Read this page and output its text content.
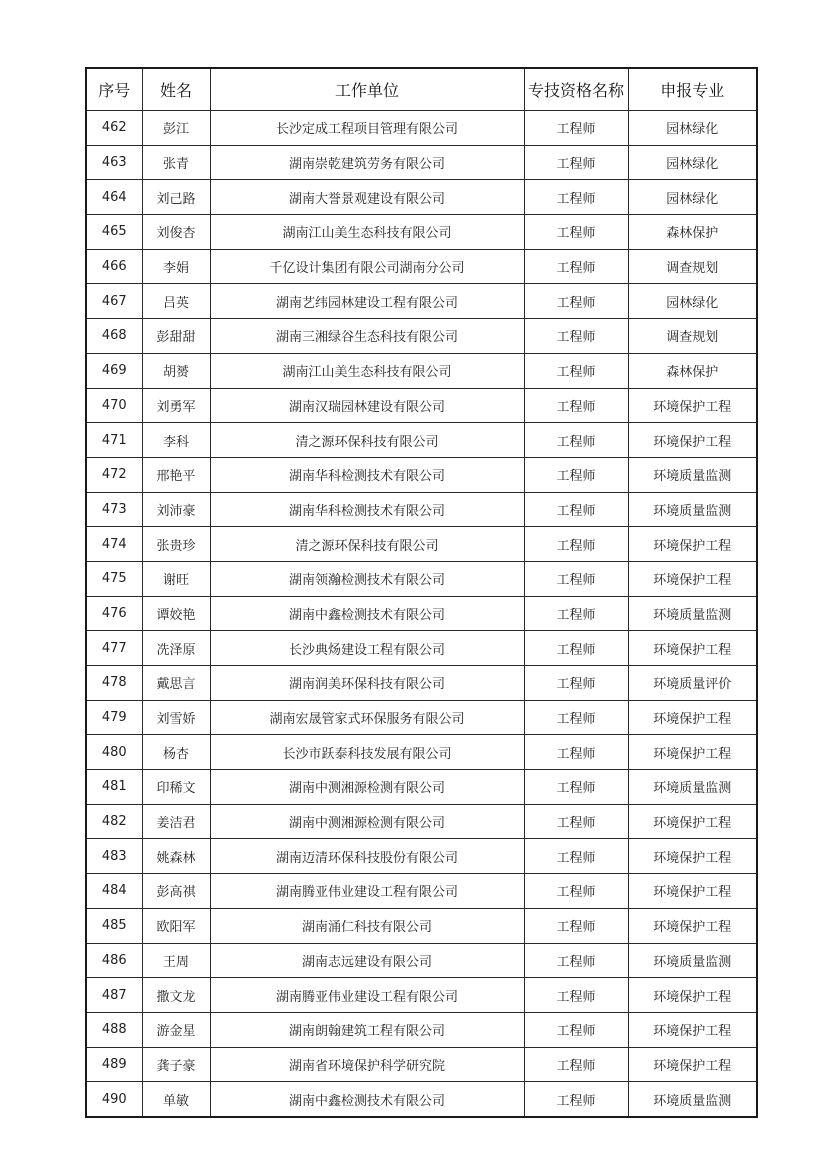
序号	姓名	工作单位	专技资格名称	申报专业
462	彭江	长沙定成工程项目管理有限公司	工程师	园林绿化
463	张青	湖南崇乾建筑劳务有限公司	工程师	园林绿化
464	刘己路	湖南大誉景观建设有限公司	工程师	园林绿化
465	刘俊杏	湖南江山美生态科技有限公司	工程师	森林保护
466	李娟	千亿设计集团有限公司湖南分公司	工程师	调查规划
467	吕英	湖南艺纬园林建设工程有限公司	工程师	园林绿化
468	彭甜甜	湖南三湘绿谷生态科技有限公司	工程师	调查规划
469	胡赟	湖南江山美生态科技有限公司	工程师	森林保护
470	刘勇军	湖南汉瑞园林建设有限公司	工程师	环境保护工程
471	李科	清之源环保科技有限公司	工程师	环境保护工程
472	邢艳平	湖南华科检测技术有限公司	工程师	环境质量监测
473	刘沛豪	湖南华科检测技术有限公司	工程师	环境质量监测
474	张贵珍	清之源环保科技有限公司	工程师	环境保护工程
475	谢旺	湖南领瀚检测技术有限公司	工程师	环境保护工程
476	谭姣艳	湖南中鑫检测技术有限公司	工程师	环境质量监测
477	冼泽原	长沙典炀建设工程有限公司	工程师	环境保护工程
478	戴思言	湖南润美环保科技有限公司	工程师	环境质量评价
479	刘雪娇	湖南宏晟管家式环保服务有限公司	工程师	环境保护工程
480	杨杏	长沙市跃泰科技发展有限公司	工程师	环境保护工程
481	印稀文	湖南中测湘源检测有限公司	工程师	环境质量监测
482	姜洁君	湖南中测湘源检测有限公司	工程师	环境保护工程
483	姚森林	湖南迈清环保科技股份有限公司	工程师	环境保护工程
484	彭高祺	湖南腾亚伟业建设工程有限公司	工程师	环境保护工程
485	欧阳军	湖南涌仁科技有限公司	工程师	环境保护工程
486	王周	湖南志远建设有限公司	工程师	环境质量监测
487	撒文龙	湖南腾亚伟业建设工程有限公司	工程师	环境保护工程
488	游金星	湖南朗翰建筑工程有限公司	工程师	环境保护工程
489	龚子豪	湖南省环境保护科学研究院	工程师	环境保护工程
490	单敏	湖南中鑫检测技术有限公司	工程师	环境质量监测
